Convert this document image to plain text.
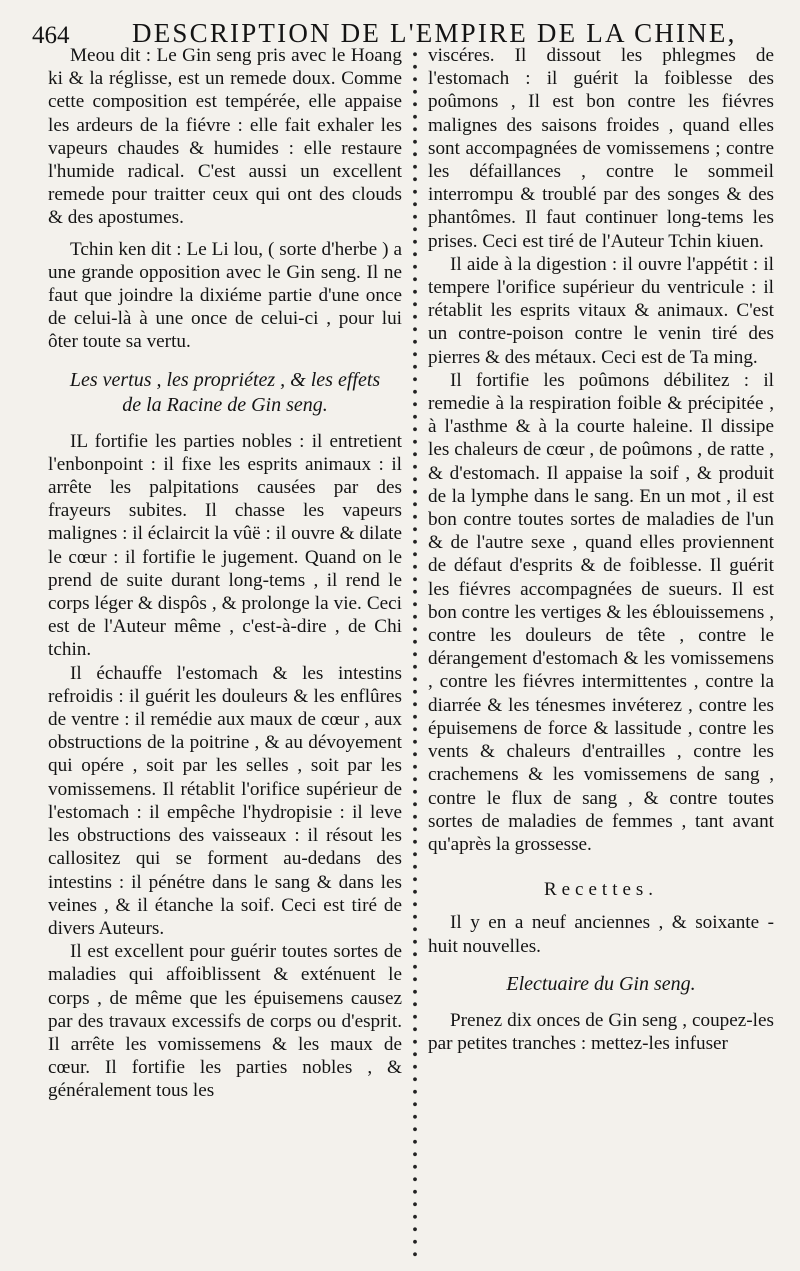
464 DESCRIPTION DE L'EMPIRE DE LA CHINE,

Meou dit : Le Gin seng pris avec le Hoang ki & la réglisse, est un remede doux. Comme cette composition est tempérée, elle appaise les ardeurs de la fiévre : elle fait exhaler les vapeurs chaudes & humides : elle restaure l'humide radical. C'est aussi un excellent remede pour traitter ceux qui ont des clouds & des apostumes.

Tchin ken dit : Le Li lou, ( sorte d'herbe ) a une grande opposition avec le Gin seng. Il ne faut que joindre la dixiéme partie d'une once de celui-là à une once de celui-ci , pour lui ôter toute sa vertu.

Les vertus , les propriétez , & les effets
de la Racine de Gin seng.

IL fortifie les parties nobles : il entretient l'enbonpoint : il fixe les esprits animaux : il arrête les palpitations causées par des frayeurs subites. Il chasse les vapeurs malignes : il éclaircit la vûë : il ouvre & dilate le cœur : il fortifie le jugement. Quand on le prend de suite durant long-tems , il rend le corps léger & dispôs , & prolonge la vie. Ceci est de l'Auteur même , c'est-à-dire , de Chi tchin.

Il échauffe l'estomach & les intestins refroidis : il guérit les douleurs & les enflûres de ventre : il remédie aux maux de cœur , aux obstructions de la poitrine , & au dévoyement qui opére , soit par les selles , soit par les vomissemens. Il rétablit l'orifice supérieur de l'estomach : il empêche l'hydropisie : il leve les obstructions des vaisseaux : il résout les callositez qui se forment au-dedans des intestins : il pénétre dans le sang & dans les veines , & il étanche la soif. Ceci est tiré de divers Auteurs.

Il est excellent pour guérir toutes sortes de maladies qui affoiblissent & exténuent le corps , de même que les épuisemens causez par des travaux excessifs de corps ou d'esprit. Il arrête les vomissemens & les maux de cœur. Il fortifie les parties nobles , & généralement tous les

viscéres. Il dissout les phlegmes de l'estomach : il guérit la foiblesse des poûmons , Il est bon contre les fiévres malignes des saisons froides , quand elles sont accompagnées de vomissemens ; contre les défaillances , contre le sommeil interrompu & troublé par des songes & des phantômes. Il faut continuer long-tems les prises. Ceci est tiré de l'Auteur Tchin kiuen.

Il aide à la digestion : il ouvre l'appétit : il tempere l'orifice supérieur du ventricule : il rétablit les esprits vitaux & animaux. C'est un contre-poison contre le venin tiré des pierres & des métaux. Ceci est de Ta ming.

Il fortifie les poûmons débilitez : il remedie à la respiration foible & précipitée , à l'asthme & à la courte haleine. Il dissipe les chaleurs de cœur , de poûmons , de ratte , & d'estomach. Il appaise la soif , & produit de la lymphe dans le sang. En un mot , il est bon contre toutes sortes de maladies de l'un & de l'autre sexe , quand elles proviennent de défaut d'esprits & de foiblesse. Il guérit les fiévres accompagnées de sueurs. Il est bon contre les vertiges & les éblouissemens , contre les douleurs de tête , contre le dérangement d'estomach & les vomissemens , contre les fiévres intermittentes , contre la diarrée & les ténesmes invéterez , contre les épuisemens de force & lassitude , contre les vents & chaleurs d'entrailles , contre les crachemens & les vomissemens de sang , contre le flux de sang , & contre toutes sortes de maladies de femmes , tant avant qu'après la grossesse.

Recettes.

Il y en a neuf anciennes , & soixante - huit nouvelles.

Electuaire du Gin seng.

Prenez dix onces de Gin seng , coupez-les par petites tranches : mettez-les infuser
